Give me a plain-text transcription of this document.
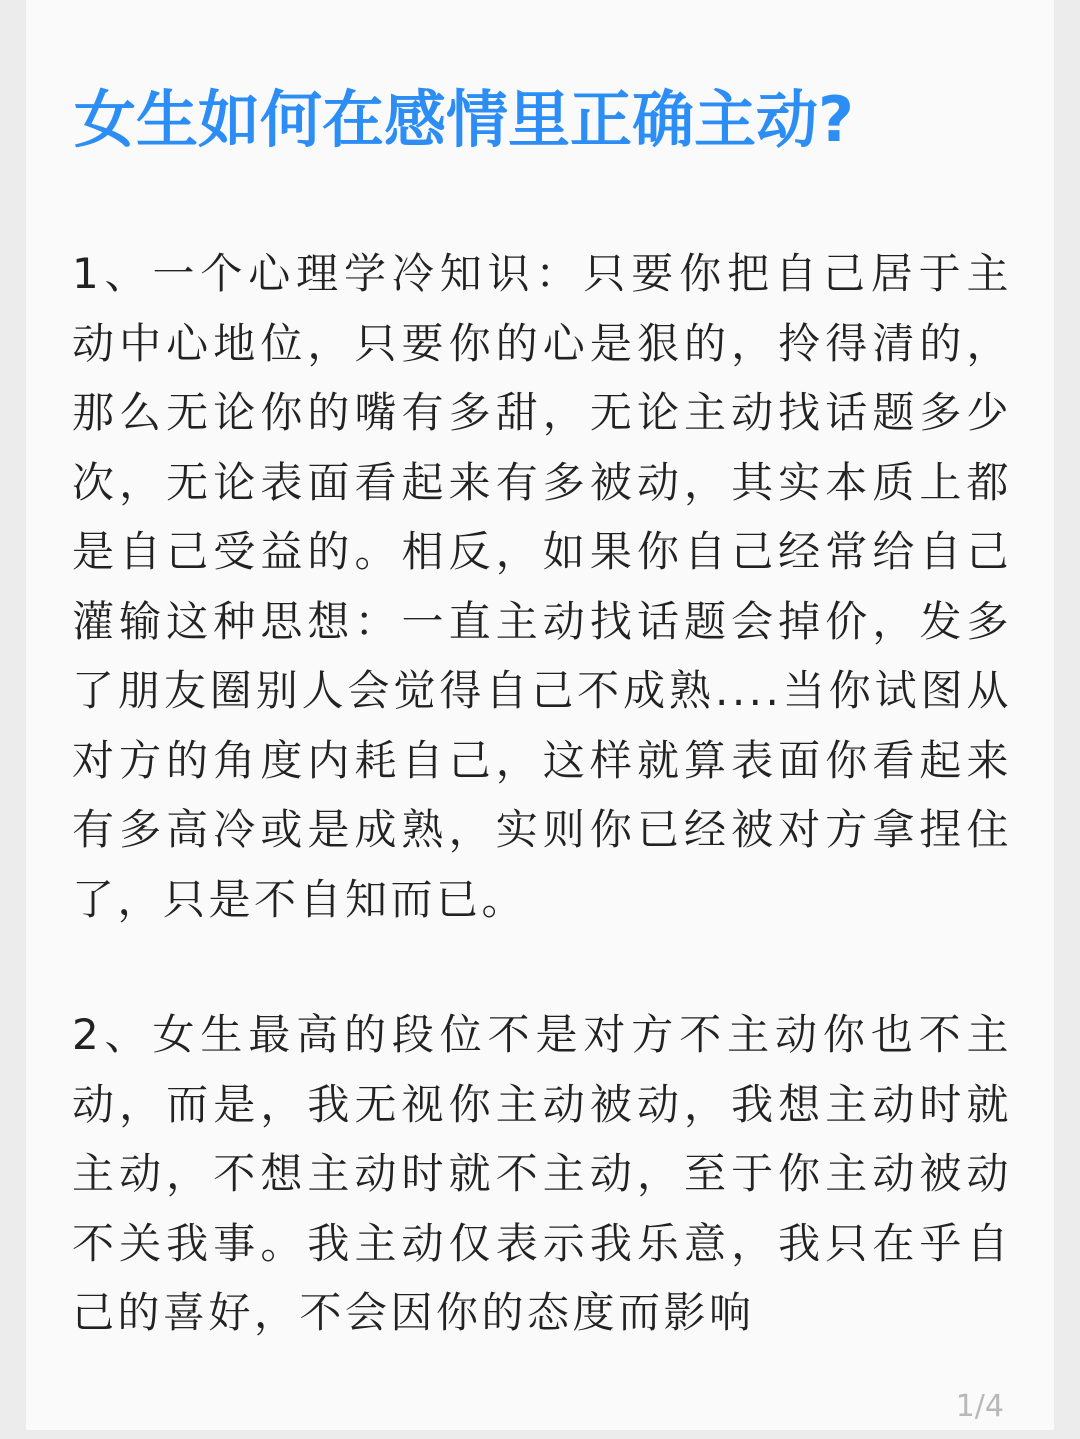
女生如何在感情里正确主动?

1、一个心理学冷知识：只要你把自己居于主动中心地位，只要你的心是狠的，拎得清的，那么无论你的嘴有多甜，无论主动找话题多少次，无论表面看起来有多被动，其实本质上都是自己受益的。相反，如果你自己经常给自己灌输这种思想：一直主动找话题会掉价，发多了朋友圈别人会觉得自己不成熟....当你试图从对方的角度内耗自己，这样就算表面你看起来有多高冷或是成熟，实则你已经被对方拿捏住了，只是不自知而已。

2、女生最高的段位不是对方不主动你也不主动，而是，我无视你主动被动，我想主动时就主动，不想主动时就不主动，至于你主动被动不关我事。我主动仅表示我乐意，我只在乎自己的喜好，不会因你的态度而影响

1/4
